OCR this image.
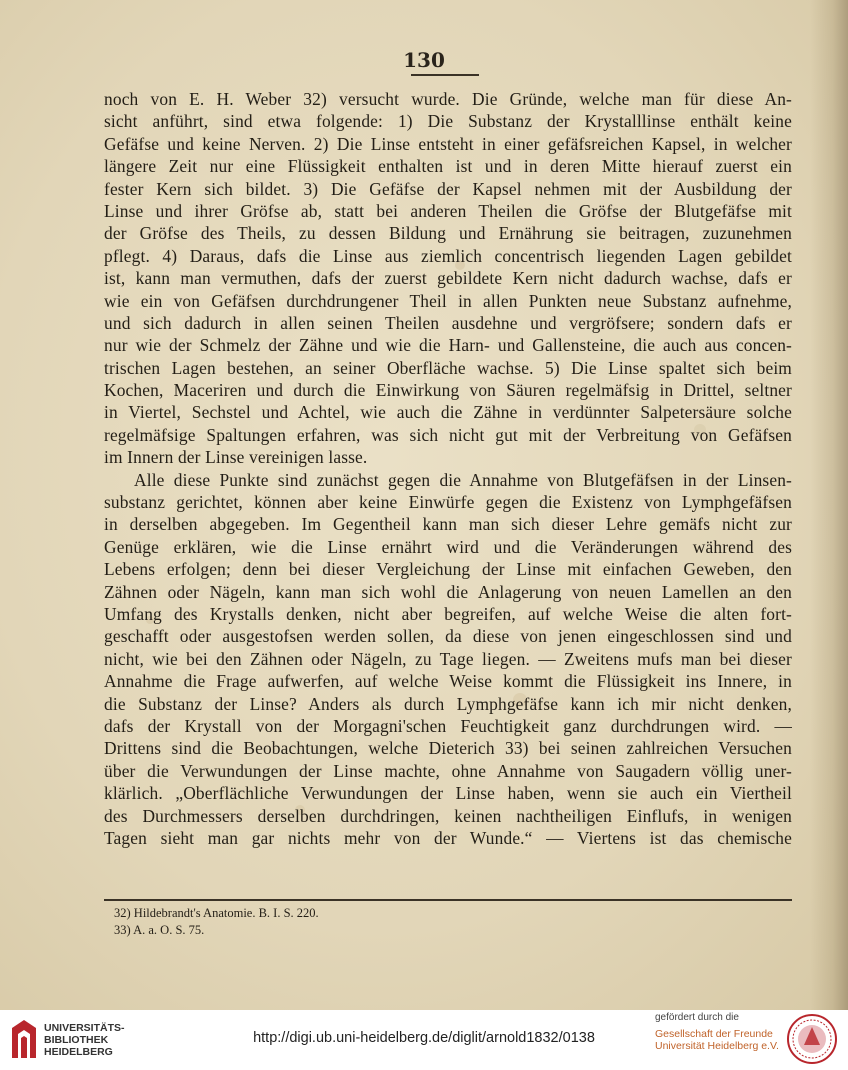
130
noch von E. H. Weber 32) versucht wurde. Die Gründe, welche man für diese An-
sicht anführt, sind etwa folgende: 1) Die Substanz der Krystalllinse enthält keine
Gefäfse und keine Nerven. 2) Die Linse entsteht in einer gefäfsreichen Kapsel, in welcher
längere Zeit nur eine Flüssigkeit enthalten ist und in deren Mitte hierauf zuerst ein
fester Kern sich bildet. 3) Die Gefäfse der Kapsel nehmen mit der Ausbildung der
Linse und ihrer Gröfse ab, statt bei anderen Theilen die Gröfse der Blutgefäfse mit
der Gröfse des Theils, zu dessen Bildung und Ernährung sie beitragen, zuzunehmen
pflegt. 4) Daraus, dafs die Linse aus ziemlich concentrisch liegenden Lagen gebildet
ist, kann man vermuthen, dafs der zuerst gebildete Kern nicht dadurch wachse, dafs er
wie ein von Gefäfsen durchdrungener Theil in allen Punkten neue Substanz aufnehme,
und sich dadurch in allen seinen Theilen ausdehne und vergröfsere; sondern dafs er
nur wie der Schmelz der Zähne und wie die Harn- und Gallensteine, die auch aus concen-
trischen Lagen bestehen, an seiner Oberfläche wachse. 5) Die Linse spaltet sich beim
Kochen, Maceriren und durch die Einwirkung von Säuren regelmäfsig in Drittel, seltner
in Viertel, Sechstel und Achtel, wie auch die Zähne in verdünnter Salpetersäure solche
regelmäfsige Spaltungen erfahren, was sich nicht gut mit der Verbreitung von Gefäfsen
im Innern der Linse vereinigen lasse.
Alle diese Punkte sind zunächst gegen die Annahme von Blutgefäfsen in der Linsen-
substanz gerichtet, können aber keine Einwürfe gegen die Existenz von Lymphgefäfsen
in derselben abgegeben. Im Gegentheil kann man sich dieser Lehre gemäfs nicht zur
Genüge erklären, wie die Linse ernährt wird und die Veränderungen während des
Lebens erfolgen; denn bei dieser Vergleichung der Linse mit einfachen Geweben, den
Zähnen oder Nägeln, kann man sich wohl die Anlagerung von neuen Lamellen an den
Umfang des Krystalls denken, nicht aber begreifen, auf welche Weise die alten fort-
geschafft oder ausgestofsen werden sollen, da diese von jenen eingeschlossen sind und
nicht, wie bei den Zähnen oder Nägeln, zu Tage liegen. — Zweitens mufs man bei dieser
Annahme die Frage aufwerfen, auf welche Weise kommt die Flüssigkeit ins Innere, in
die Substanz der Linse? Anders als durch Lymphgefäfse kann ich mir nicht denken,
dafs der Krystall von der Morgagni'schen Feuchtigkeit ganz durchdrungen wird. —
Drittens sind die Beobachtungen, welche Dieterich 33) bei seinen zahlreichen Versuchen
über die Verwundungen der Linse machte, ohne Annahme von Saugadern völlig uner-
klärlich. „Oberflächliche Verwundungen der Linse haben, wenn sie auch ein Viertheil
des Durchmessers derselben durchdringen, keinen nachtheiligen Einflufs, in wenigen
Tagen sieht man gar nichts mehr von der Wunde.“ — Viertens ist das chemische
32) Hildebrandt's Anatomie. B. I. S. 220.
33) A. a. O. S. 75.
UNIVERSITÄTS-
BIBLIOTHEK
HEIDELBERG
http://digi.ub.uni-heidelberg.de/diglit/arnold1832/0138
gefördert durch die
Gesellschaft der Freunde
Universität Heidelberg e.V.
